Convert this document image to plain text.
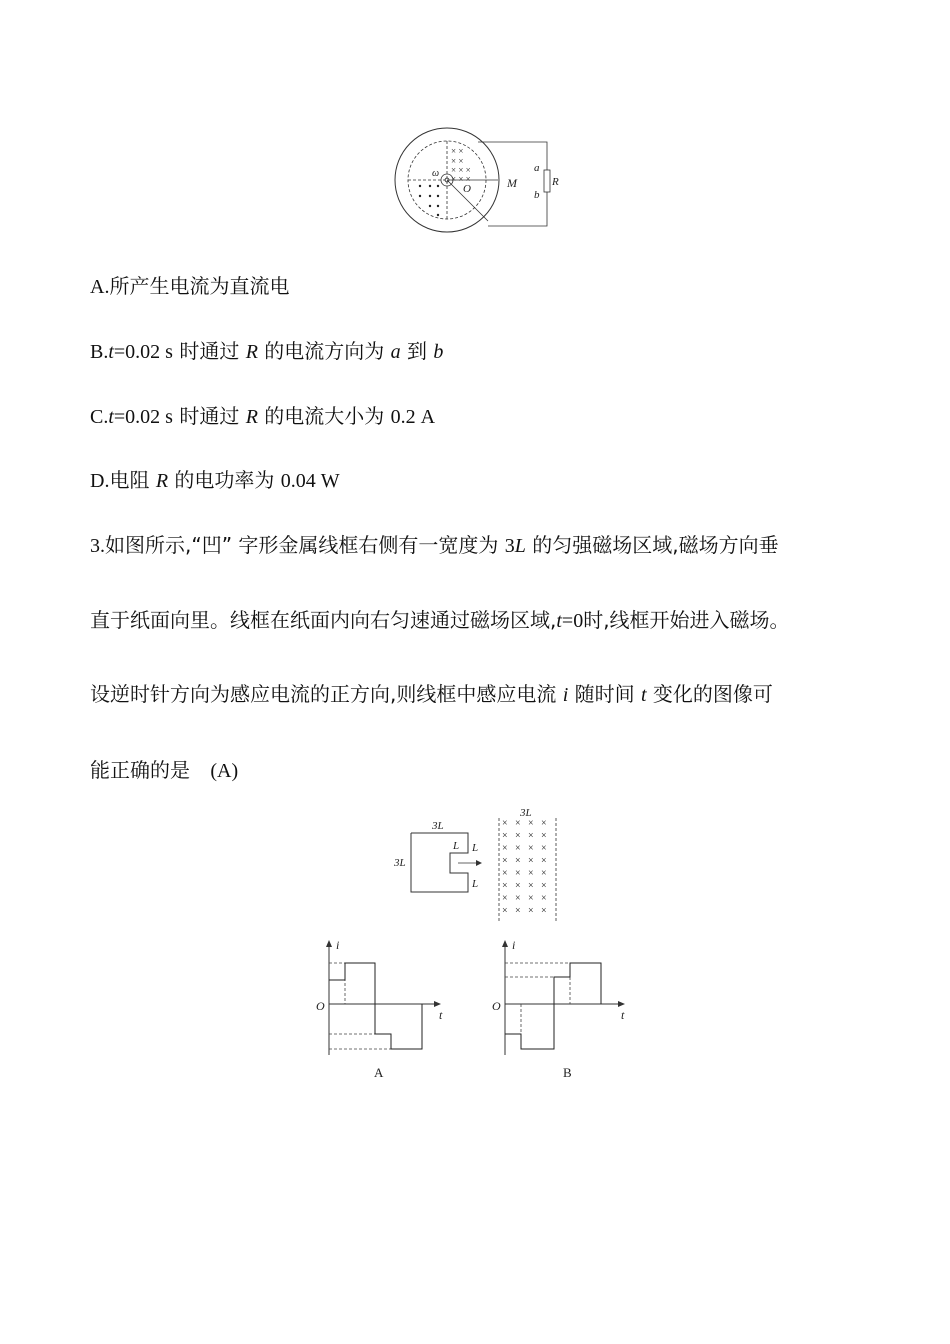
× ×
× ×
× × ×
× × ×
ω
O	M
a
b
R
A.所产生电流为直流电
B.t=0.02 s 时通过 R 的电流方向为 a 到 b
C.t=0.02 s 时通过 R 的电流大小为 0.2 A
D.电阻 R 的电功率为 0.04 W
3.如图所示,“凹” 字形金属线框右侧有一宽度为 3L 的匀强磁场区域,磁场方向垂
直于纸面向里。线框在纸面内向右匀速通过磁场区域,t=0时,线框开始进入磁场。
设逆时针方向为感应电流的正方向,则线框中感应电流 i 随时间 t 变化的图像可
能正确的是 (A)
3L
3L
L L
L
3L
× × × ×
× × × ×
× × × ×
× × × ×
× × × ×
× × × ×
× × × ×
× × × ×
i
t
O
A
i
t
O
B
